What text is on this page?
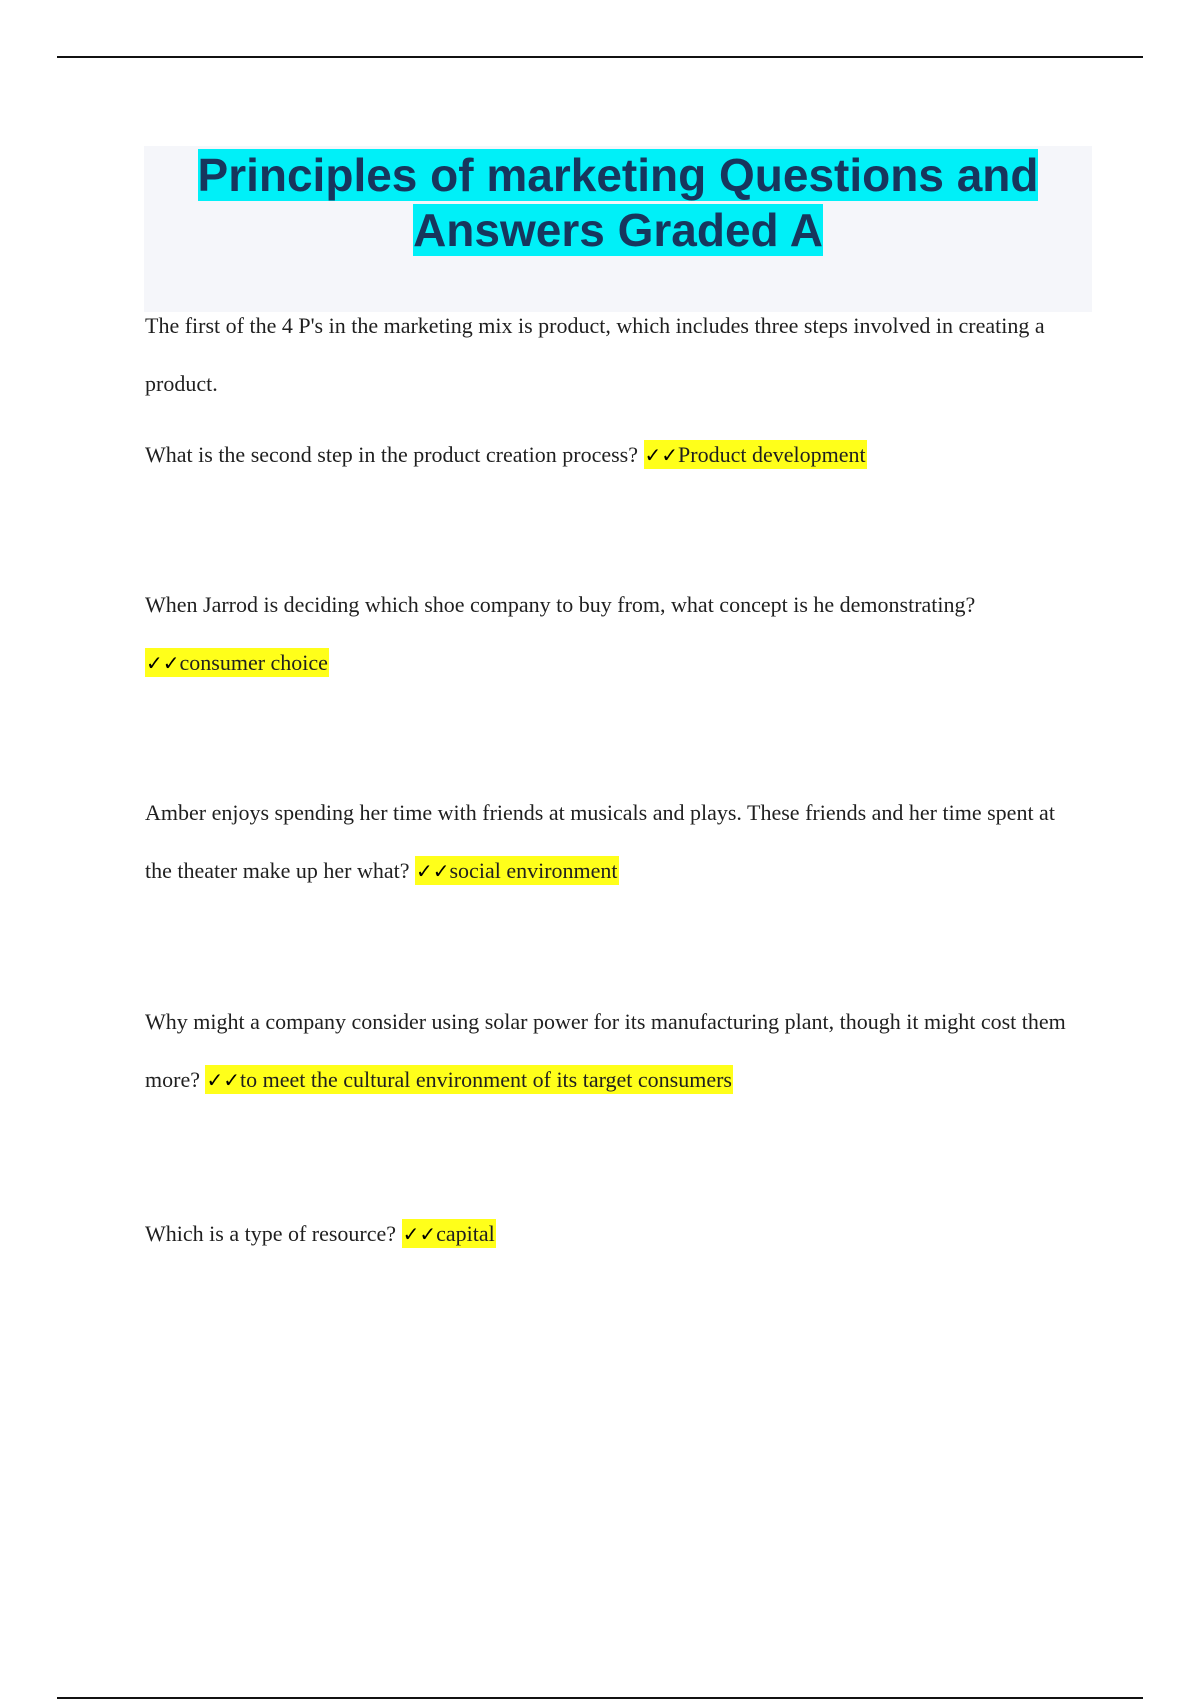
Principles of marketing Questions and
Answers Graded A

The first of the 4 P's in the marketing mix is product, which includes three steps involved in creating a product.

What is the second step in the product creation process? ✓✓Product development

When Jarrod is deciding which shoe company to buy from, what concept is he demonstrating? ✓✓consumer choice

Amber enjoys spending her time with friends at musicals and plays. These friends and her time spent at the theater make up her what? ✓✓social environment

Why might a company consider using solar power for its manufacturing plant, though it might cost them more? ✓✓to meet the cultural environment of its target consumers

Which is a type of resource? ✓✓capital
